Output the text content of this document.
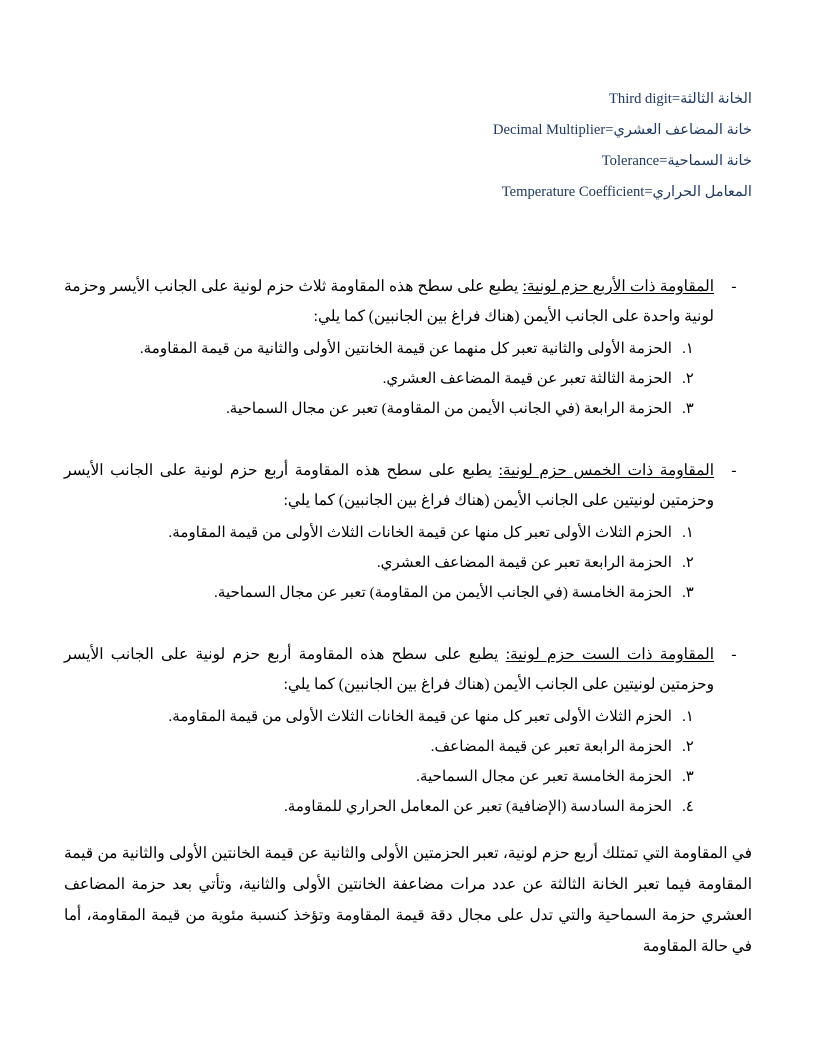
الخانة الثالثة=Third digit
خانة المضاعف العشري=Decimal Multiplier
خانة السماحية=Tolerance
المعامل الحراري=Temperature Coefficient
-
المقاومة ذات الأربع حزم لونية: يطبع على سطح هذه المقاومة ثلاث حزم لونية على الجانب الأيسر وحزمة لونية واحدة على الجانب الأيمن (هناك فراغ بين الجانبين) كما يلي:
١.
الحزمة الأولى والثانية تعبر كل منهما عن قيمة الخانتين الأولى والثانية من قيمة المقاومة.
٢.
الحزمة الثالثة تعبر عن قيمة المضاعف العشري.
٣.
الحزمة الرابعة (في الجانب الأيمن من المقاومة) تعبر عن مجال السماحية.
-
المقاومة ذات الخمس حزم لونية: يطبع على سطح هذه المقاومة أربع حزم لونية على الجانب الأيسر وحزمتين لونيتين على الجانب الأيمن (هناك فراغ بين الجانبين) كما يلي:
١.
الحزم الثلاث الأولى تعبر كل منها عن قيمة الخانات الثلاث الأولى من قيمة المقاومة.
٢.
الحزمة الرابعة تعبر عن قيمة المضاعف العشري.
٣.
الحزمة الخامسة (في الجانب الأيمن من المقاومة) تعبر عن مجال السماحية.
-
المقاومة ذات الست حزم لونية: يطبع على سطح هذه المقاومة أربع حزم لونية على الجانب الأيسر وحزمتين لونيتين على الجانب الأيمن (هناك فراغ بين الجانبين) كما يلي:
١.
الحزم الثلاث الأولى تعبر كل منها عن قيمة الخانات الثلاث الأولى من قيمة المقاومة.
٢.
الحزمة الرابعة تعبر عن قيمة المضاعف.
٣.
الحزمة الخامسة تعبر عن مجال السماحية.
٤.
الحزمة السادسة (الإضافية) تعبر عن المعامل الحراري للمقاومة.
في المقاومة التي تمتلك أربع حزم لونية، تعبر الحزمتين الأولى والثانية عن قيمة الخانتين الأولى والثانية من قيمة المقاومة فيما تعبر الخانة الثالثة عن عدد مرات مضاعفة الخانتين الأولى والثانية، وتأتي بعد حزمة المضاعف العشري حزمة السماحية والتي تدل على مجال دقة قيمة المقاومة وتؤخذ كنسبة مئوية من قيمة المقاومة، أما في حالة المقاومة
